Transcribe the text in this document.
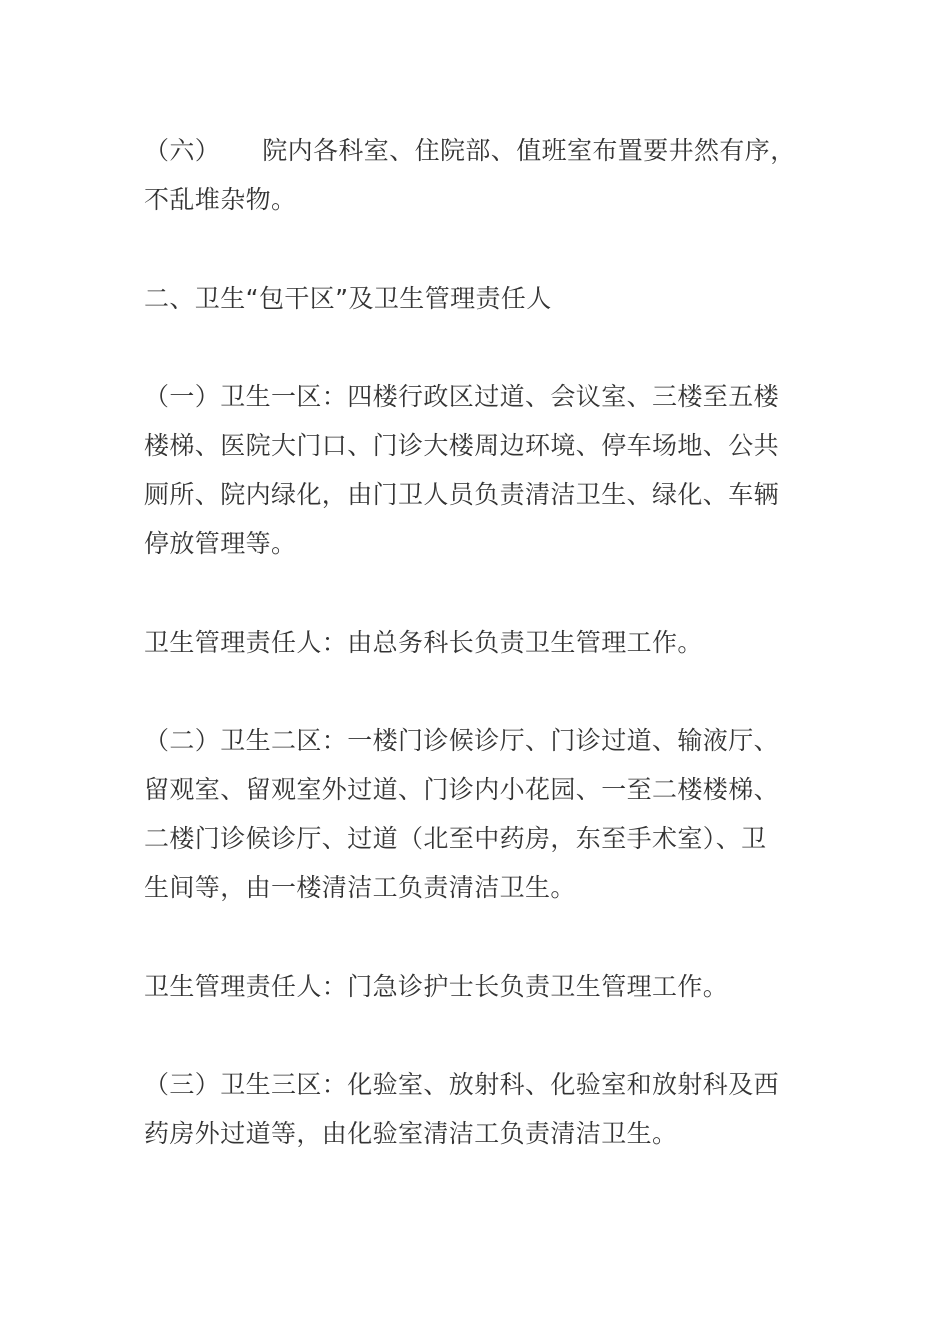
（六） 院内各科室、住院部、值班室布置要井然有序，
不乱堆杂物。
二、卫生“包干区”及卫生管理责任人
（一）卫生一区：四楼行政区过道、会议室、三楼至五楼
楼梯、医院大门口、门诊大楼周边环境、停车场地、公共
厕所、院内绿化，由门卫人员负责清洁卫生、绿化、车辆
停放管理等。
卫生管理责任人：由总务科长负责卫生管理工作。
（二）卫生二区：一楼门诊候诊厅、门诊过道、输液厅、
留观室、留观室外过道、门诊内小花园、一至二楼楼梯、
二楼门诊候诊厅、过道（北至中药房，东至手术室）、卫
生间等，由一楼清洁工负责清洁卫生。
卫生管理责任人：门急诊护士长负责卫生管理工作。
（三）卫生三区：化验室、放射科、化验室和放射科及西
药房外过道等，由化验室清洁工负责清洁卫生。
